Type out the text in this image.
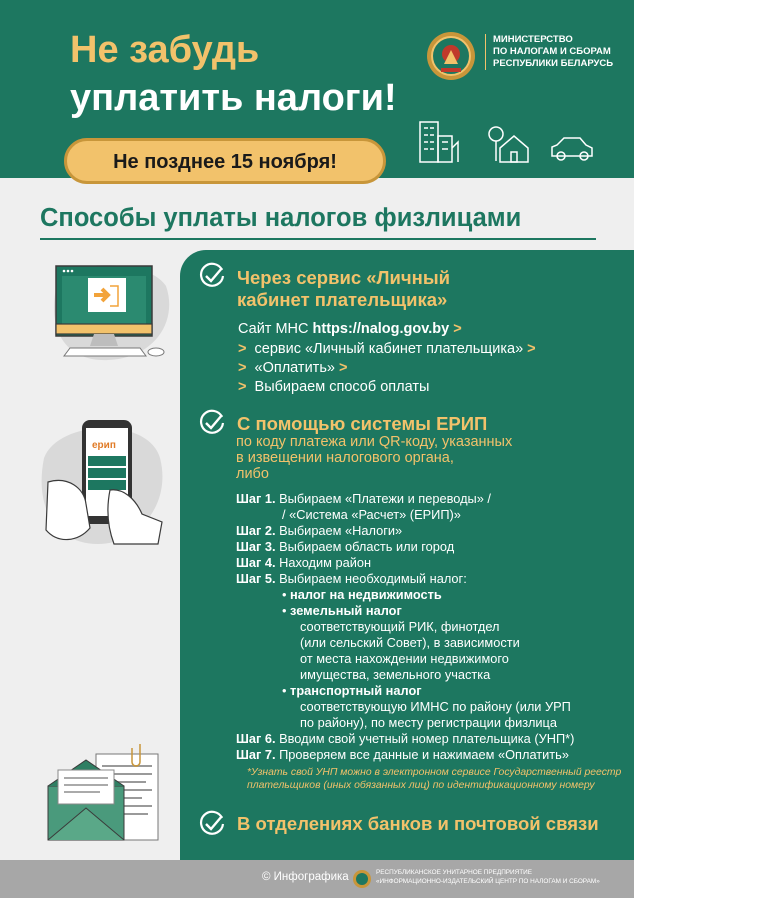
Не забудь
уплатить налоги!
МИНИСТЕРСТВО
ПО НАЛОГАМ И СБОРАМ
РЕСПУБЛИКИ БЕЛАРУСЬ
Не позднее 15 ноября!
Способы уплаты налогов физлицами
ерип
Через сервис «Личный
кабинет плательщика»
Сайт МНС https://nalog.gov.by >
> сервис «Личный кабинет плательщика» >
> «Оплатить» >
> Выбираем способ оплаты
С помощью системы ЕРИП
по коду платежа или QR-коду, указанных
в извещении налогового органа,
либо
Шаг 1. Выбираем «Платежи и переводы» /
/ «Система «Расчет» (ЕРИП)»
Шаг 2. Выбираем «Налоги»
Шаг 3. Выбираем область или город
Шаг 4. Находим район
Шаг 5. Выбираем необходимый налог:
• налог на недвижимость
• земельный налог
соответствующий РИК, финотдел
(или сельский Совет), в зависимости
от места нахождении недвижимого
имущества, земельного участка
• транспортный налог
соответствующую ИМНС по району (или УРП
по району), по месту регистрации физлица
Шаг 6. Вводим свой учетный номер плательщика (УНП*)
Шаг 7. Проверяем все данные и нажимаем «Оплатить»
*Узнать свой УНП можно в электронном сервисе Государственный реестр
плательщиков (иных обязанных лиц) по идентификационному номеру
В отделениях банков и почтовой связи
© Инфографика	РЕСПУБЛИКАНСКОЕ УНИТАРНОЕ ПРЕДПРИЯТИЕ
«ИНФОРМАЦИОННО-ИЗДАТЕЛЬСКИЙ ЦЕНТР ПО НАЛОГАМ И СБОРАМ»
